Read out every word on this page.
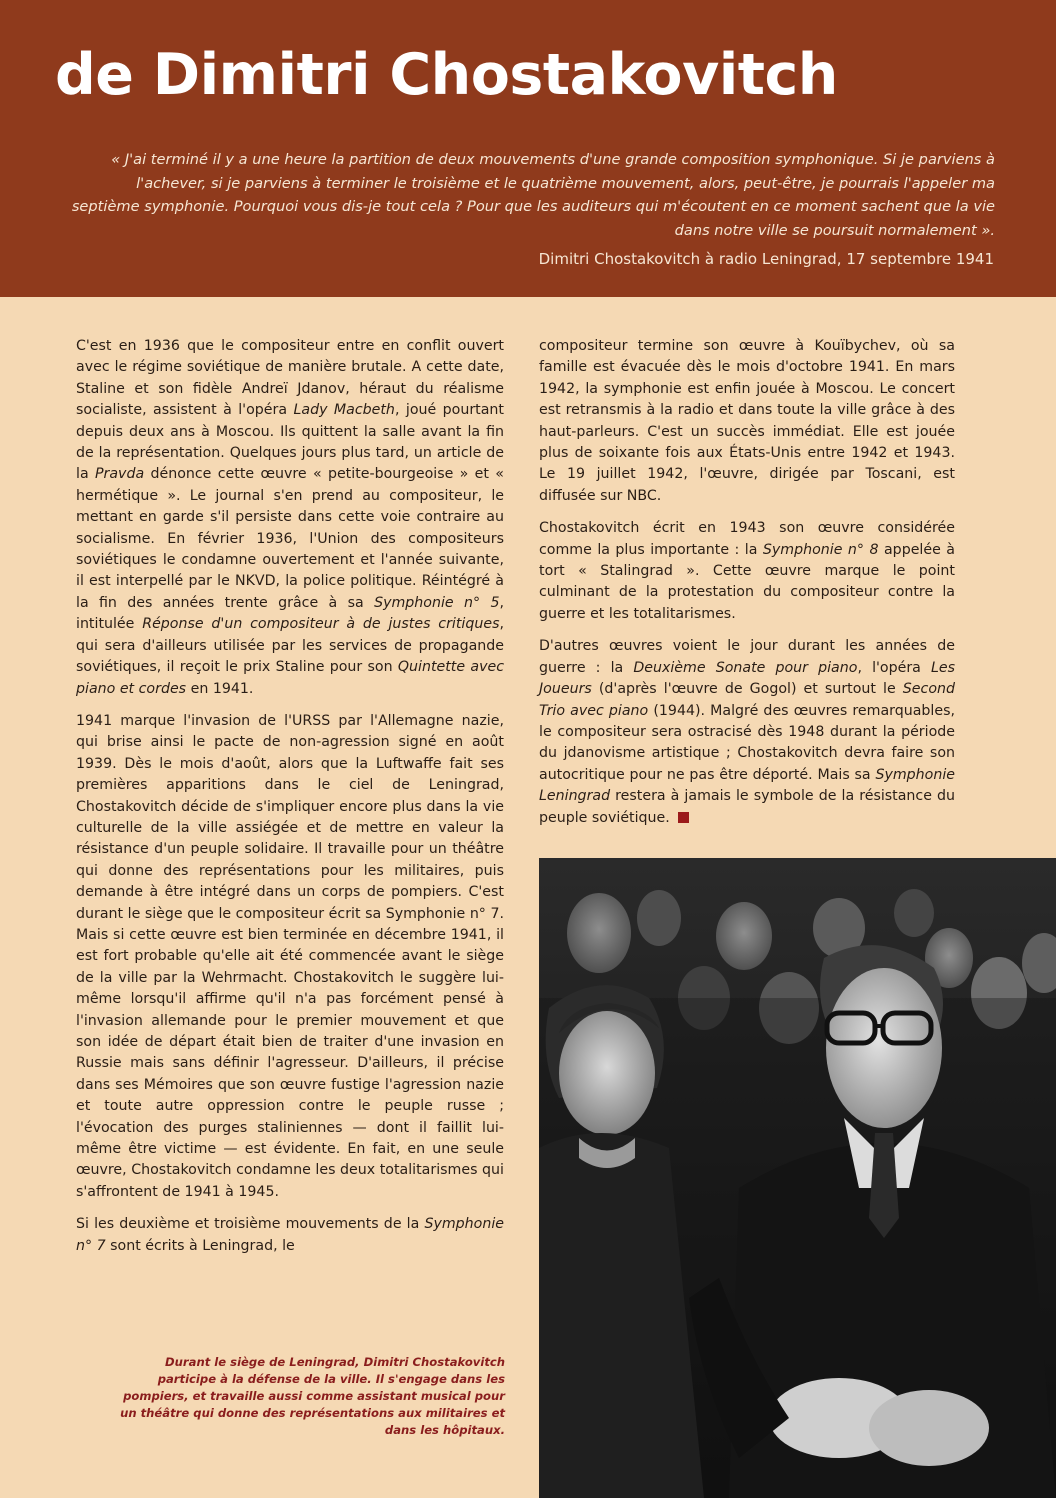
de Dimitri Chostakovitch
« J'ai terminé il y a une heure la partition de deux mouvements d'une grande composition symphonique. Si je parviens à l'achever, si je parviens à terminer le troisième et le quatrième mouvement, alors, peut-être, je pourrais l'appeler ma septième symphonie. Pourquoi vous dis-je tout cela ? Pour que les auditeurs qui m'écoutent en ce moment sachent que la vie dans notre ville se poursuit normalement ».
Dimitri Chostakovitch à radio Leningrad, 17 septembre 1941

C'est en 1936 que le compositeur entre en conflit ouvert avec le régime soviétique de manière brutale. A cette date, Staline et son fidèle Andreï Jdanov, héraut du réalisme socialiste, assistent à l'opéra Lady Macbeth, joué pourtant depuis deux ans à Moscou. Ils quittent la salle avant la fin de la représentation. Quelques jours plus tard, un article de la Pravda dénonce cette œuvre « petite-bourgeoise » et « hermétique ». Le journal s'en prend au compositeur, le mettant en garde s'il persiste dans cette voie contraire au socialisme. En février 1936, l'Union des compositeurs soviétiques le condamne ouvertement et l'année suivante, il est interpellé par le NKVD, la police politique. Réintégré à la fin des années trente grâce à sa Symphonie n° 5, intitulée Réponse d'un compositeur à de justes critiques, qui sera d'ailleurs utilisée par les services de propagande soviétiques, il reçoit le prix Staline pour son Quintette avec piano et cordes en 1941.

1941 marque l'invasion de l'URSS par l'Allemagne nazie, qui brise ainsi le pacte de non-agression signé en août 1939. Dès le mois d'août, alors que la Luftwaffe fait ses premières apparitions dans le ciel de Leningrad, Chostakovitch décide de s'impliquer encore plus dans la vie culturelle de la ville assiégée et de mettre en valeur la résistance d'un peuple solidaire. Il travaille pour un théâtre qui donne des représentations pour les militaires, puis demande à être intégré dans un corps de pompiers. C'est durant le siège que le compositeur écrit sa Symphonie n° 7. Mais si cette œuvre est bien terminée en décembre 1941, il est fort probable qu'elle ait été commencée avant le siège de la ville par la Wehrmacht. Chostakovitch le suggère lui-même lorsqu'il affirme qu'il n'a pas forcément pensé à l'invasion allemande pour le premier mouvement et que son idée de départ était bien de traiter d'une invasion en Russie mais sans définir l'agresseur. D'ailleurs, il précise dans ses Mémoires que son œuvre fustige l'agression nazie et toute autre oppression contre le peuple russe ; l'évocation des purges staliniennes — dont il faillit lui-même être victime — est évidente. En fait, en une seule œuvre, Chostakovitch condamne les deux totalitarismes qui s'affrontent de 1941 à 1945.

Si les deuxième et troisième mouvements de la Symphonie n° 7 sont écrits à Leningrad, le

compositeur termine son œuvre à Kouïbychev, où sa famille est évacuée dès le mois d'octobre 1941. En mars 1942, la symphonie est enfin jouée à Moscou. Le concert est retransmis à la radio et dans toute la ville grâce à des haut-parleurs. C'est un succès immédiat. Elle est jouée plus de soixante fois aux États-Unis entre 1942 et 1943. Le 19 juillet 1942, l'œuvre, dirigée par Toscani, est diffusée sur NBC.

Chostakovitch écrit en 1943 son œuvre considérée comme la plus importante : la Symphonie n° 8 appelée à tort « Stalingrad ». Cette œuvre marque le point culminant de la protestation du compositeur contre la guerre et les totalitarismes.

D'autres œuvres voient le jour durant les années de guerre : la Deuxième Sonate pour piano, l'opéra Les Joueurs (d'après l'œuvre de Gogol) et surtout le Second Trio avec piano (1944). Malgré des œuvres remarquables, le compositeur sera ostracisé dès 1948 durant la période du jdanovisme artistique ; Chostakovitch devra faire son autocritique pour ne pas être déporté. Mais sa Symphonie Leningrad restera à jamais le symbole de la résistance du peuple soviétique.

Durant le siège de Leningrad, Dimitri Chostakovitch participe à la défense de la ville. Il s'engage dans les pompiers, et travaille aussi comme assistant musical pour un théâtre qui donne des représentations aux militaires et dans les hôpitaux.
